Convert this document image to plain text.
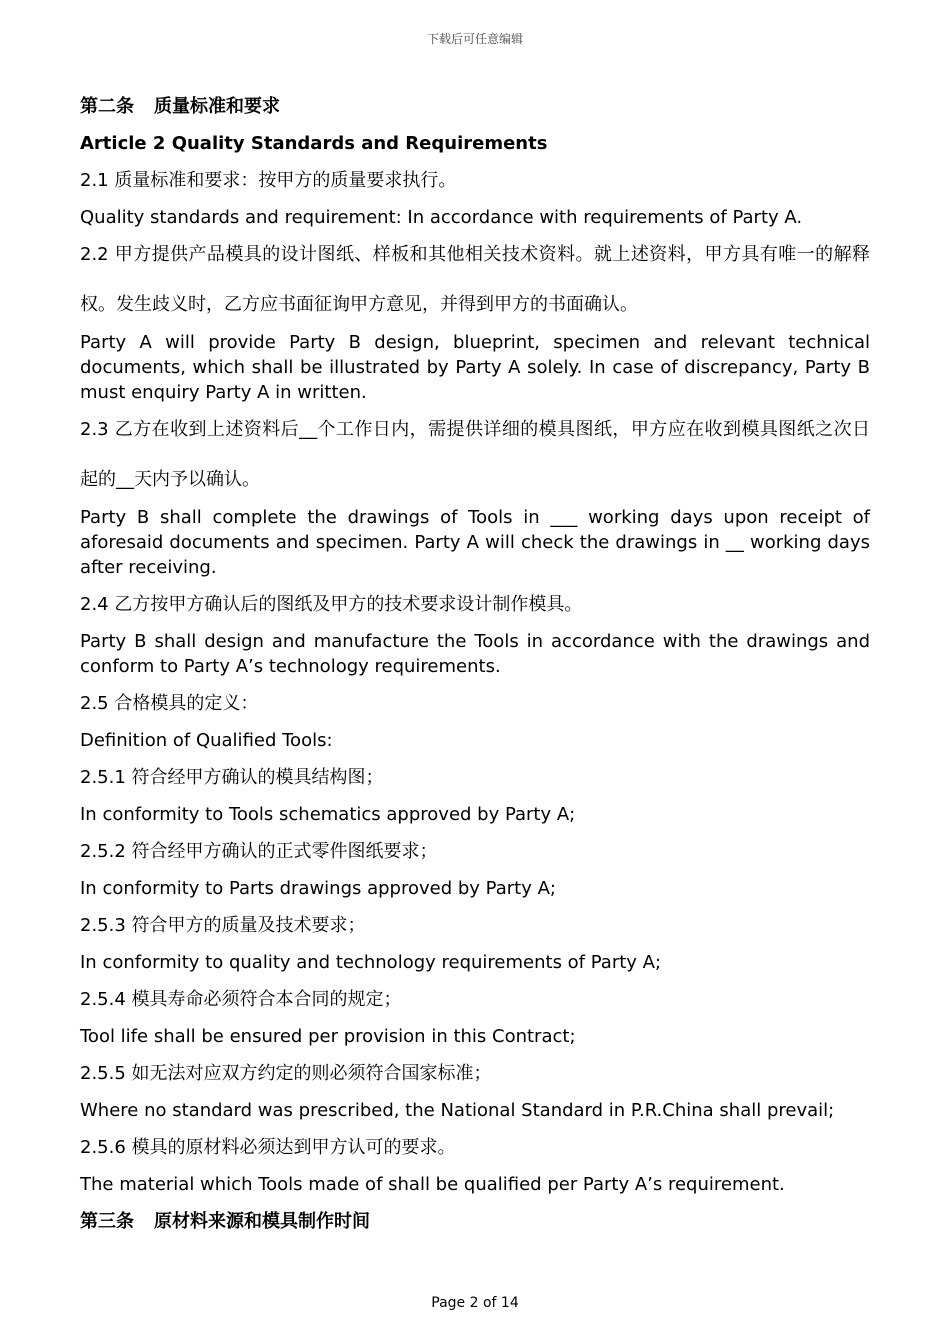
下载后可任意编辑
第二条 质量标准和要求
Article 2 Quality Standards and Requirements
2.1 质量标准和要求：按甲方的质量要求执行。
Quality standards and requirement: In accordance with requirements of Party A.
2.2 甲方提供产品模具的设计图纸、样板和其他相关技术资料。就上述资料，甲方具有唯一的解释权。发生歧义时，乙方应书面征询甲方意见，并得到甲方的书面确认。
Party A will provide Party B design, blueprint, specimen and relevant technical documents, which shall be illustrated by Party A solely. In case of discrepancy, Party B must enquiry Party A in written.
2.3 乙方在收到上述资料后__个工作日内，需提供详细的模具图纸，甲方应在收到模具图纸之次日起的__天内予以确认。
Party B shall complete the drawings of Tools in ___ working days upon receipt of aforesaid documents and specimen. Party A will check the drawings in __ working days after receiving.
2.4 乙方按甲方确认后的图纸及甲方的技术要求设计制作模具。
Party B shall design and manufacture the Tools in accordance with the drawings and conform to Party A’s technology requirements.
2.5 合格模具的定义：
Definition of Qualified Tools:
2.5.1 符合经甲方确认的模具结构图；
In conformity to Tools schematics approved by Party A;
2.5.2 符合经甲方确认的正式零件图纸要求；
In conformity to Parts drawings approved by Party A;
2.5.3 符合甲方的质量及技术要求；
In conformity to quality and technology requirements of Party A;
2.5.4 模具寿命必须符合本合同的规定；
Tool life shall be ensured per provision in this Contract;
2.5.5 如无法对应双方约定的则必须符合国家标准；
Where no standard was prescribed, the National Standard in P.R.China shall prevail;
2.5.6 模具的原材料必须达到甲方认可的要求。
The material which Tools made of shall be qualified per Party A’s requirement.
第三条 原材料来源和模具制作时间
Page 2 of 14
